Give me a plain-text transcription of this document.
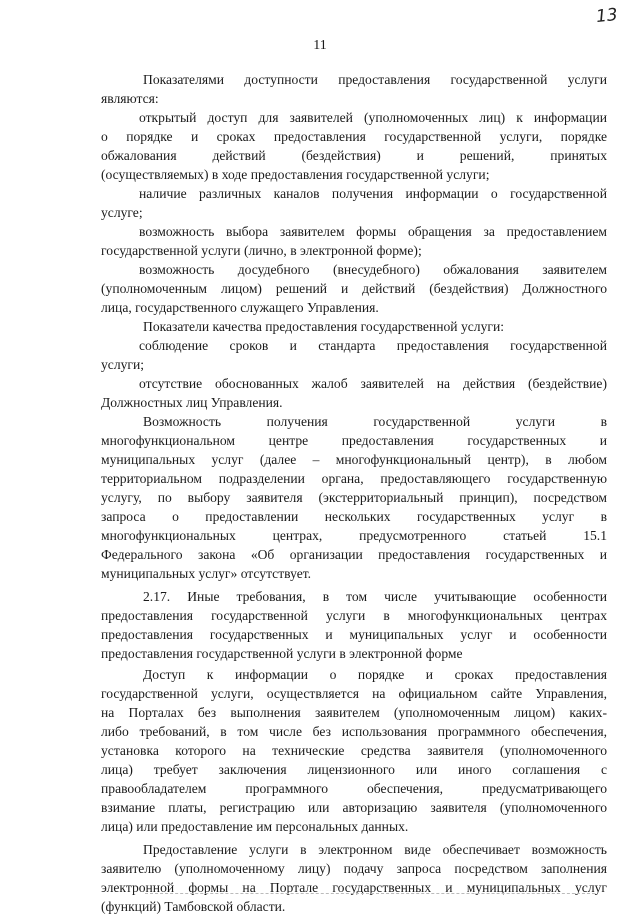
13
11
Показателями доступности предоставления государственной услуги
являются:
открытый доступ для заявителей (уполномоченных лиц) к информации
о порядке и сроках предоставления государственной услуги, порядке
обжалования действий (бездействия) и решений, принятых
(осуществляемых) в ходе предоставления государственной услуги;
наличие различных каналов получения информации о государственной
услуге;
возможность выбора заявителем формы обращения за предоставлением
государственной услуги (лично, в электронной форме);
возможность досудебного (внесудебного) обжалования заявителем
(уполномоченным лицом) решений и действий (бездействия) Должностного
лица, государственного служащего Управления.
Показатели качества предоставления государственной услуги:
соблюдение сроков и стандарта предоставления государственной
услуги;
отсутствие обоснованных жалоб заявителей на действия (бездействие)
Должностных лиц Управления.
Возможность получения государственной услуги в
многофункциональном центре предоставления государственных и
муниципальных услуг (далее – многофункциональный центр), в любом
территориальном подразделении органа, предоставляющего государственную
услугу, по выбору заявителя (экстерриториальный принцип), посредством
запроса о предоставлении нескольких государственных услуг в
многофункциональных центрах, предусмотренного статьей 15.1
Федерального закона «Об организации предоставления государственных и
муниципальных услуг» отсутствует.
2.17. Иные требования, в том числе учитывающие особенности
предоставления государственной услуги в многофункциональных центрах
предоставления государственных и муниципальных услуг и особенности
предоставления государственной услуги в электронной форме
Доступ к информации о порядке и сроках предоставления
государственной услуги, осуществляется на официальном сайте Управления,
на Порталах без выполнения заявителем (уполномоченным лицом) каких-
либо требований, в том числе без использования программного обеспечения,
установка которого на технические средства заявителя (уполномоченного
лица) требует заключения лицензионного или иного соглашения с
правообладателем программного обеспечения, предусматривающего
взимание платы, регистрацию или авторизацию заявителя (уполномоченного
лица) или предоставление им персональных данных.
Предоставление услуги в электронном виде обеспечивает возможность
заявителю (уполномоченному лицу) подачу запроса посредством заполнения
электронной формы на Портале государственных и муниципальных услуг
(функций) Тамбовской области.
